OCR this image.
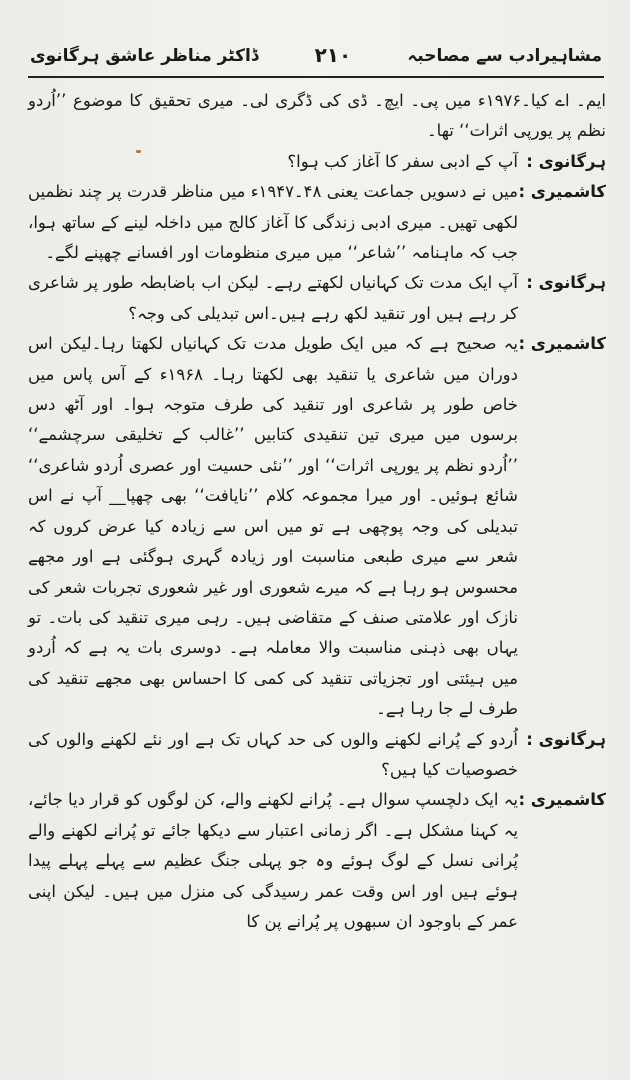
مشاہیرادب سے مصاحبہ
۲۱۰
ڈاکٹر مناظر عاشق ہرگانوی
ایم۔ اے کیا۔۱۹۷۶ء میں پی۔ ایچ۔ ڈی کی ڈگری لی۔ میری تحقیق کا موضوع ’’اُردو نظم پر یورپی اثرات‘‘ تھا۔
ہرگانوی :
آپ کے ادبی سفر کا آغاز کب ہوا؟
کاشمیری :
میں نے دسویں جماعت یعنی ۴۸۔۱۹۴۷ء میں مناظر قدرت پر چند نظمیں لکھی تھیں۔ میری ادبی زندگی کا آغاز کالج میں داخلہ لینے کے ساتھ ہوا، جب کہ ماہنامہ ’’شاعر‘‘ میں میری منظومات اور افسانے چھپنے لگے۔
ہرگانوی :
آپ ایک مدت تک کہانیاں لکھتے رہے۔ لیکن اب باضابطہ طور پر شاعری کر رہے ہیں اور تنقید لکھ رہے ہیں۔اس تبدیلی کی وجہ؟
کاشمیری :
یہ صحیح ہے کہ میں ایک طویل مدت تک کہانیاں لکھتا رہا۔لیکن اس دوران میں شاعری یا تنقید بھی لکھتا رہا۔ ۱۹۶۸ء کے آس پاس میں خاص طور پر شاعری اور تنقید کی طرف متوجہ ہوا۔ اور آٹھ دس برسوں میں میری تین تنقیدی کتابیں ’’غالب کے تخلیقی سرچشمے‘‘ ’’اُردو نظم پر یورپی اثرات‘‘ اور ’’نئی حسیت اور عصری اُردو شاعری‘‘ شائع ہوئیں۔ اور میرا مجموعہ کلام ’’نایافت‘‘ بھی چھپا__ آپ نے اس تبدیلی کی وجہ پوچھی ہے تو میں اس سے زیادہ کیا عرض کروں کہ شعر سے میری طبعی مناسبت اور زیادہ گہری ہوگئی ہے اور مجھے محسوس ہو رہا ہے کہ میرے شعوری اور غیر شعوری تجربات شعر کی نازک اور علامتی صنف کے متقاضی ہیں۔ رہی میری تنقید کی بات۔ تو یہاں بھی ذہنی مناسبت والا معاملہ ہے۔ دوسری بات یہ ہے کہ اُردو میں ہیئتی اور تجزیاتی تنقید کی کمی کا احساس بھی مجھے تنقید کی طرف لے جا رہا ہے۔
ہرگانوی :
اُردو کے پُرانے لکھنے والوں کی حد کہاں تک ہے اور نئے لکھنے والوں کی خصوصیات کیا ہیں؟
کاشمیری :
یہ ایک دلچسپ سوال ہے۔ پُرانے لکھنے والے، کن لوگوں کو قرار دیا جائے، یہ کہنا مشکل ہے۔ اگر زمانی اعتبار سے دیکھا جائے تو پُرانے لکھنے والے پُرانی نسل کے لوگ ہوئے وہ جو پہلی جنگ عظیم سے پہلے پہلے پیدا ہوئے ہیں اور اس وقت عمر رسیدگی کی منزل میں ہیں۔ لیکن اپنی عمر کے باوجود ان سبھوں پر پُرانے پن کا
